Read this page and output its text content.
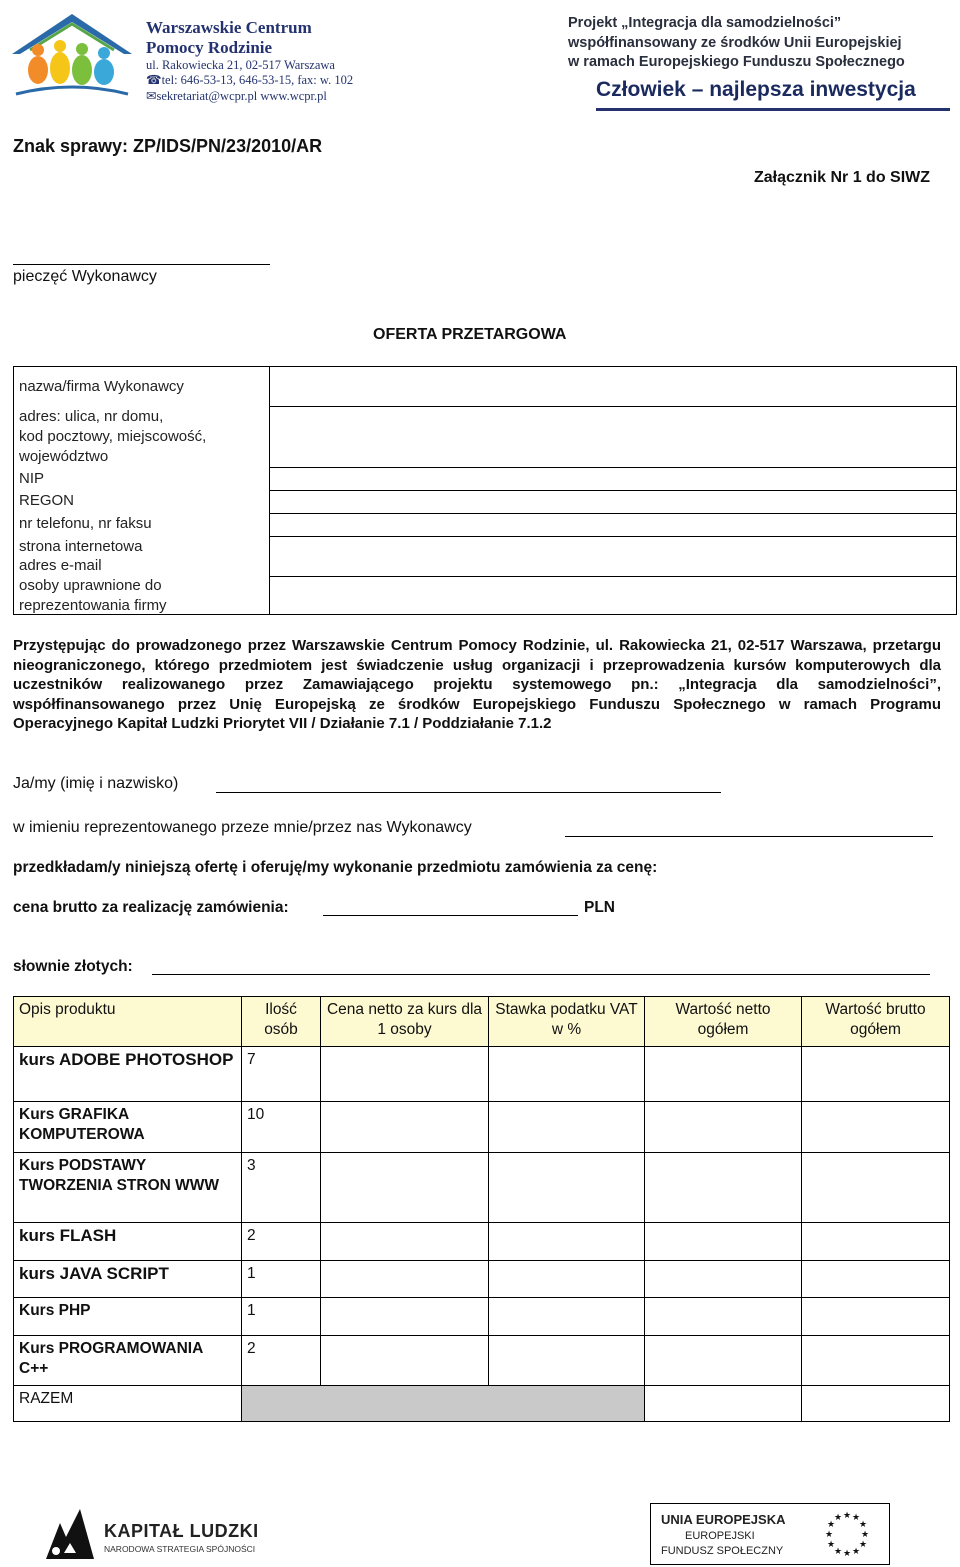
Warszawskie Centrum
Pomocy Rodzinie
ul. Rakowiecka 21, 02-517 Warszawa
☎tel: 646-53-13, 646-53-15, fax: w. 102
✉sekretariat@wcpr.pl www.wcpr.pl
Projekt „Integracja dla samodzielności”
współfinansowany ze środków Unii Europejskiej
w ramach Europejskiego Funduszu Społecznego
Człowiek – najlepsza inwestycja
Znak sprawy: ZP/IDS/PN/23/2010/AR
Załącznik Nr 1 do SIWZ
pieczęć Wykonawcy
OFERTA PRZETARGOWA
nazwa/firma Wykonawcy
adres: ulica, nr domu,
kod pocztowy, miejscowość,
województwo
NIP
REGON
nr telefonu, nr faksu
strona internetowa
adres e-mail
osoby uprawnione do
reprezentowania firmy

Przystępując do prowadzonego przez Warszawskie Centrum Pomocy Rodzinie, ul. Rakowiecka 21, 02-517 Warszawa, przetargu nieograniczonego, którego przedmiotem jest świadczenie usług organizacji i przeprowadzenia kursów komputerowych dla uczestników realizowanego przez Zamawiającego projektu systemowego pn.: „Integracja dla samodzielności”, współfinansowanego przez Unię Europejską ze środków Europejskiego Funduszu Społecznego w ramach Programu Operacyjnego Kapitał Ludzki Priorytet VII / Działanie 7.1 / Poddziałanie 7.1.2

Ja/my (imię i nazwisko)
w imieniu reprezentowanego przeze mnie/przez nas Wykonawcy
przedkładam/y niniejszą ofertę i oferuję/my wykonanie przedmiotu zamówienia za cenę:
cena brutto za realizację zamówienia:	PLN
słownie złotych:
Opis produktu	Ilość osób	Cena netto za kurs dla 1 osoby	Stawka podatku VAT w %	Wartość netto ogółem	Wartość brutto ogółem
kurs ADOBE PHOTOSHOP	7				
Kurs GRAFIKA KOMPUTEROWA	10				
Kurs PODSTAWY TWORZENIA STRON WWW	3				
kurs FLASH	2				
kurs JAVA SCRIPT	1				
Kurs PHP	1				
Kurs PROGRAMOWANIA C++	2				
RAZEM					
KAPITAŁ LUDZKI
NARODOWA STRATEGIA SPÓJNOŚCI
UNIA EUROPEJSKA
EUROPEJSKI
FUNDUSZ SPOŁECZNY
★ ★
★
★
★
★
★
★
★
★
★
★
